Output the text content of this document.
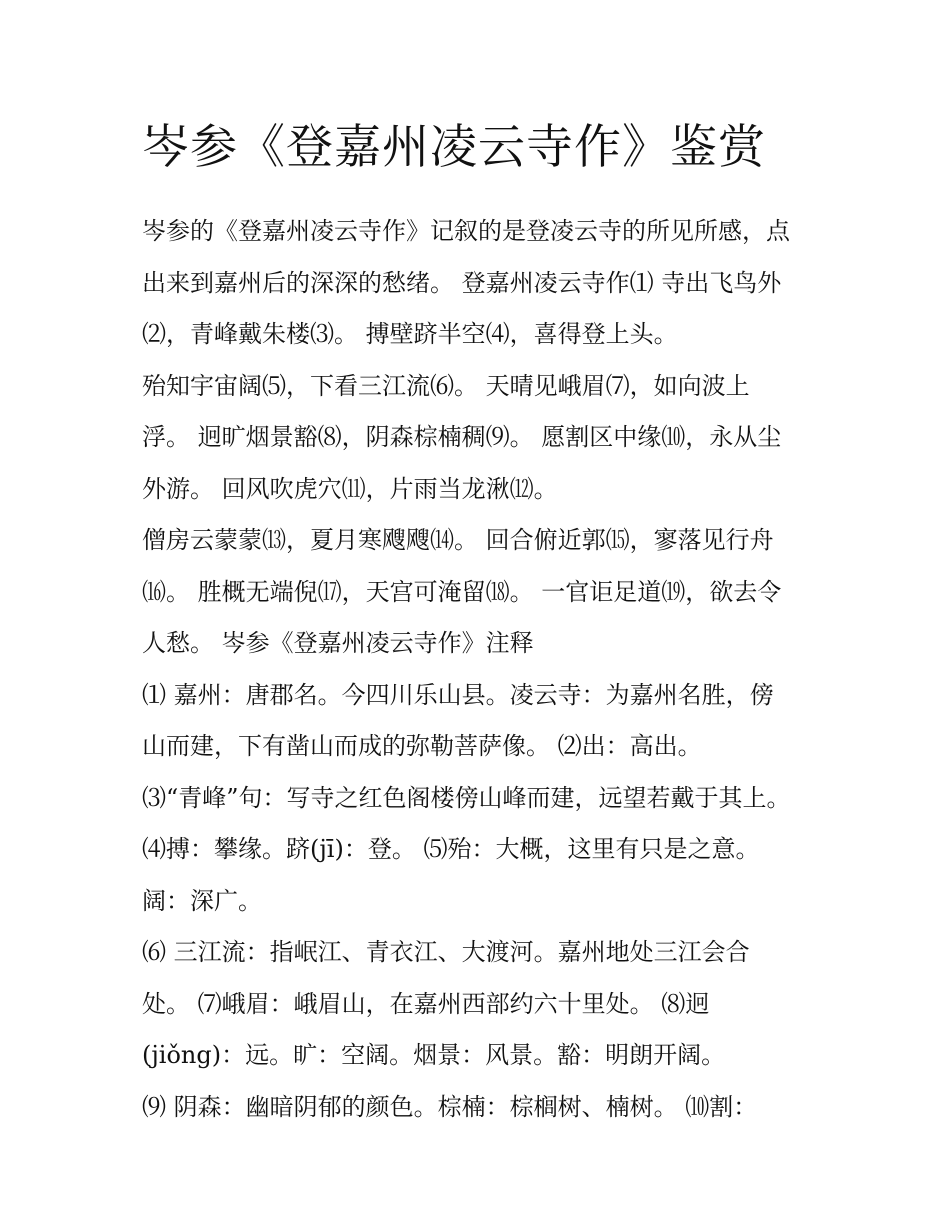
岑参《登嘉州凌云寺作》鉴赏
岑参的《登嘉州凌云寺作》记叙的是登凌云寺的所见所感，点
出来到嘉州后的深深的愁绪。 登嘉州凌云寺作⑴ 寺出飞鸟外
⑵，青峰戴朱楼⑶。 搏壁跻半空⑷，喜得登上头。
殆知宇宙阔⑸，下看三江流⑹。 天晴见峨眉⑺，如向波上
浮。 迥旷烟景豁⑻，阴森棕楠稠⑼。 愿割区中缘⑽，永从尘
外游。 回风吹虎穴⑾，片雨当龙湫⑿。
僧房云蒙蒙⒀，夏月寒飕飕⒁。 回合俯近郭⒂，寥落见行舟
⒃。 胜概无端倪⒄，天宫可淹留⒅。 一官讵足道⒆，欲去令
人愁。 岑参《登嘉州凌云寺作》注释
⑴ 嘉州：唐郡名。今四川乐山县。凌云寺：为嘉州名胜，傍
山而建，下有凿山而成的弥勒菩萨像。 ⑵出：高出。
⑶“青峰”句：写寺之红色阁楼傍山峰而建，远望若戴于其上。
⑷搏：攀缘。跻(jī)：登。 ⑸殆：大概，这里有只是之意。
阔：深广。
⑹ 三江流：指岷江、青衣江、大渡河。嘉州地处三江会合
处。 ⑺峨眉：峨眉山，在嘉州西部约六十里处。 ⑻迥
(jiǒng)：远。旷：空阔。烟景：风景。豁：明朗开阔。
⑼ 阴森：幽暗阴郁的颜色。棕楠：棕榈树、楠树。 ⑽割：
